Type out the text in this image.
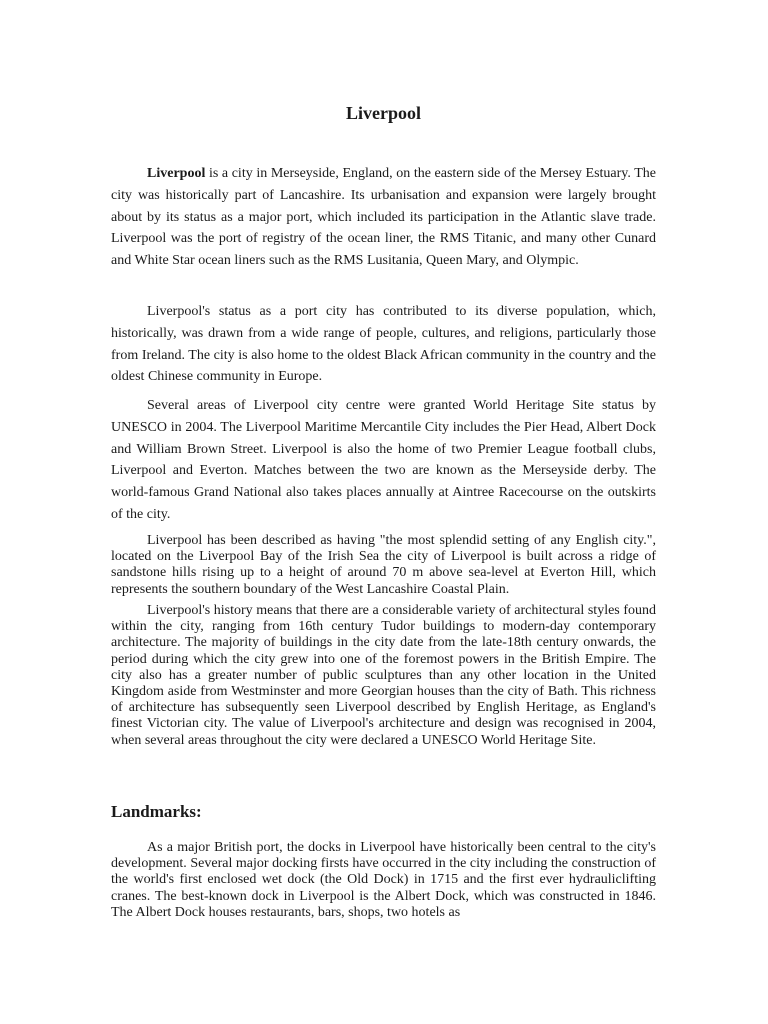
Liverpool

Liverpool is a city in Merseyside, England, on the eastern side of the Mersey Estuary. The city was historically part of Lancashire. Its urbanisation and expansion were largely brought about by its status as a major port, which included its participation in the Atlantic slave trade. Liverpool was the port of registry of the ocean liner, the RMS Titanic, and many other Cunard and White Star ocean liners such as the RMS Lusitania, Queen Mary, and Olympic.

Liverpool's status as a port city has contributed to its diverse population, which, historically, was drawn from a wide range of people, cultures, and religions, particularly those from Ireland. The city is also home to the oldest Black African community in the country and the oldest Chinese community in Europe.

Several areas of Liverpool city centre were granted World Heritage Site status by UNESCO in 2004. The Liverpool Maritime Mercantile City includes the Pier Head, Albert Dock and William Brown Street. Liverpool is also the home of two Premier League football clubs, Liverpool and Everton. Matches between the two are known as the Merseyside derby. The world-famous Grand National also takes places annually at Aintree Racecourse on the outskirts of the city.

Liverpool has been described as having "the most splendid setting of any English city.", located on the Liverpool Bay of the Irish Sea the city of Liverpool is built across a ridge of sandstone hills rising up to a height of around 70 m above sea-level at Everton Hill, which represents the southern boundary of the West Lancashire Coastal Plain.

Liverpool's history means that there are a considerable variety of architectural styles found within the city, ranging from 16th century Tudor buildings to modern-day contemporary architecture. The majority of buildings in the city date from the late-18th century onwards, the period during which the city grew into one of the foremost powers in the British Empire. The city also has a greater number of public sculptures than any other location in the United Kingdom aside from Westminster and more Georgian houses than the city of Bath. This richness of architecture has subsequently seen Liverpool described by English Heritage, as England's finest Victorian city. The value of Liverpool's architecture and design was recognised in 2004, when several areas throughout the city were declared a UNESCO World Heritage Site.

Landmarks:

As a major British port, the docks in Liverpool have historically been central to the city's development. Several major docking firsts have occurred in the city including the construction of the world's first enclosed wet dock (the Old Dock) in 1715 and the first ever hydrauliclifting cranes. The best-known dock in Liverpool is the Albert Dock, which was constructed in 1846. The Albert Dock houses restaurants, bars, shops, two hotels as
